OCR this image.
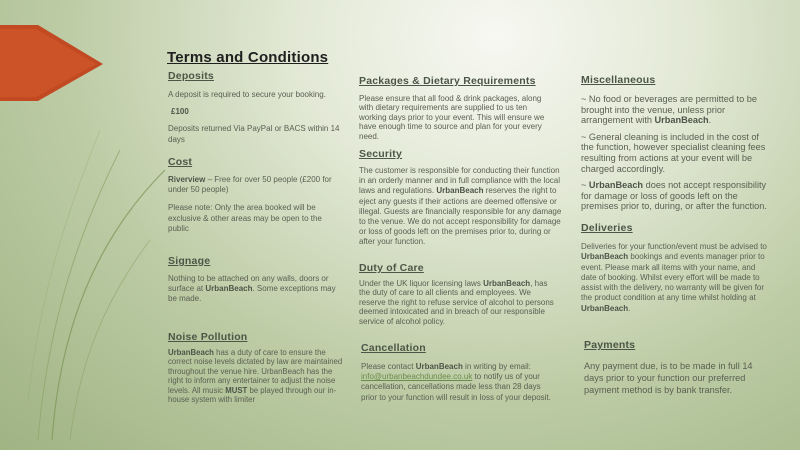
Terms and Conditions
Deposits

A deposit is required to secure your booking.

£100

Deposits returned Via PayPal or BACS within 14 days

Cost

Riverview – Free for over 50 people (£200 for under 50 people)

Please note: Only the area booked will be exclusive & other areas may be open to the public

Signage

Nothing to be attached on any walls, doors or surface at UrbanBeach. Some exceptions may be made.

Noise Pollution

UrbanBeach has a duty of care to ensure the correct noise levels dictated by law are maintained throughout the venue hire. UrbanBeach has the right to inform any entertainer to adjust the noise levels. All music MUST be played through our in-house system with limiter

Packages & Dietary Requirements

Please ensure that all food & drink packages, along with dietary requirements are supplied to us ten working days prior to your event. This will ensure we have enough time to source and plan for your every need.

Security

The customer is responsible for conducting their function in an orderly manner and in full compliance with the local laws and regulations. UrbanBeach reserves the right to eject any guests if their actions are deemed offensive or illegal. Guests are financially responsible for any damage to the venue. We do not accept responsibility for damage or loss of goods left on the premises prior to, during or after your function.

Duty of Care

Under the UK liquor licensing laws UrbanBeach, has the duty of care to all clients and employees. We reserve the right to refuse service of alcohol to persons deemed intoxicated and in breach of our responsible service of alcohol policy.

Cancellation

Please contact UrbanBeach in writing by email: info@urbanbeachdundee.co.uk to notify us of your cancellation, cancellations made less than 28 days prior to your function will result in loss of your deposit.

Miscellaneous

~ No food or beverages are permitted to be brought into the venue, unless prior arrangement with UrbanBeach.

~ General cleaning is included in the cost of the function, however specialist cleaning fees resulting from actions at your event will be charged accordingly.

~ UrbanBeach does not accept responsibility for damage or loss of goods left on the premises prior to, during, or after the function.

Deliveries

Deliveries for your function/event must be advised to UrbanBeach bookings and events manager prior to event. Please mark all items with your name, and date of booking. Whilst every effort will be made to assist with the delivery, no warranty will be given for the product condition at any time whilst holding at UrbanBeach.

Payments

Any payment due, is to be made in full 14 days prior to your function our preferred payment method is by bank transfer.
